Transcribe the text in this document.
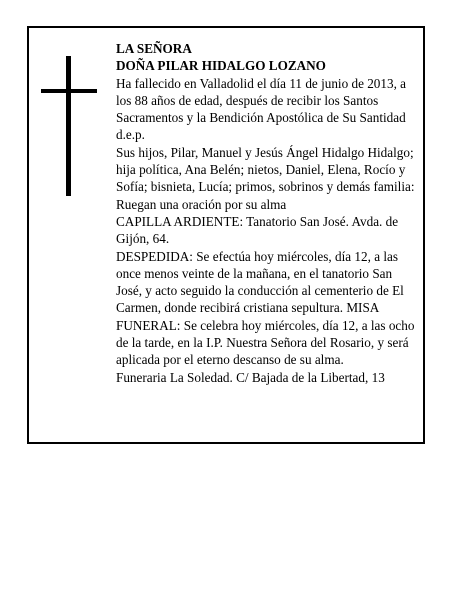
LA SEÑORA
DOÑA PILAR HIDALGO LOZANO
Ha fallecido en Valladolid el día 11 de junio de 2013, a los 88 años de edad, después de recibir los Santos Sacramentos y la Bendición Apostólica de Su Santidad d.e.p.
Sus hijos, Pilar, Manuel y Jesús Ángel Hidalgo Hidalgo; hija política, Ana Belén; nietos, Daniel, Elena, Rocío y Sofía; bisnieta, Lucía; primos, sobrinos y demás familia:
Ruegan una oración por su alma
CAPILLA ARDIENTE: Tanatorio San José. Avda. de Gijón, 64.
DESPEDIDA: Se efectúa hoy miércoles, día 12, a las once menos veinte de la mañana, en el tanatorio San José, y acto seguido la conducción al cementerio de El Carmen, donde recibirá cristiana sepultura. MISA FUNERAL: Se celebra hoy miércoles, día 12, a las ocho de la tarde, en la I.P. Nuestra Señora del Rosario, y será aplicada por el eterno descanso de su alma.
Funeraria La Soledad. C/ Bajada de la Libertad, 13
